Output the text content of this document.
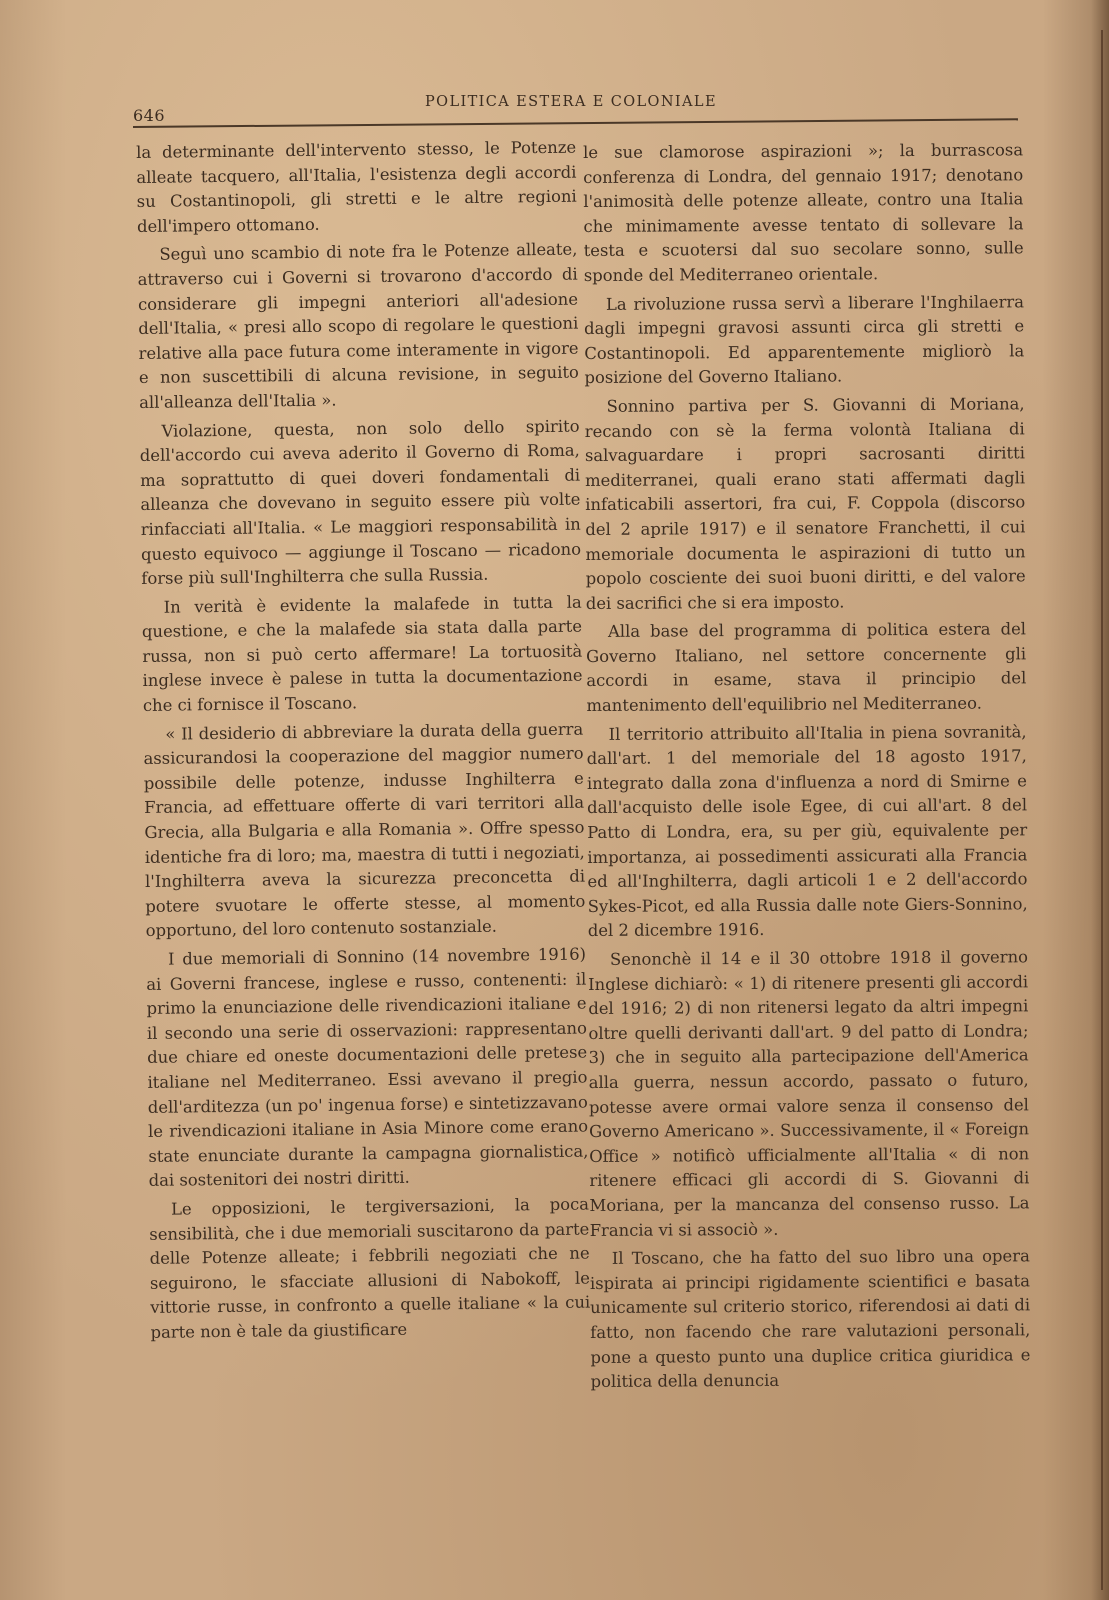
646
POLITICA ESTERA E COLONIALE

la determinante dell'intervento stesso, le Potenze alleate tacquero, all'Italia, l'esistenza degli accordi su Costantinopoli, gli stretti e le altre regioni dell'impero ottomano.

Seguì uno scambio di note fra le Potenze alleate, attraverso cui i Governi si trovarono d'accordo di considerare gli impegni anteriori all'adesione dell'Italia, « presi allo scopo di regolare le questioni relative alla pace futura come interamente in vigore e non suscettibili di alcuna revisione, in seguito all'alleanza dell'Italia ».

Violazione, questa, non solo dello spirito dell'accordo cui aveva aderito il Governo di Roma, ma soprattutto di quei doveri fondamentali di alleanza che dovevano in seguito essere più volte rinfacciati all'Italia. « Le maggiori responsabilità in questo equivoco — aggiunge il Toscano — ricadono forse più sull'Inghilterra che sulla Russia.

In verità è evidente la malafede in tutta la questione, e che la malafede sia stata dalla parte russa, non si può certo affermare! La tortuosità inglese invece è palese in tutta la documentazione che ci fornisce il Toscano.

« Il desiderio di abbreviare la durata della guerra assicurandosi la cooperazione del maggior numero possibile delle potenze, indusse Inghilterra e Francia, ad effettuare offerte di vari territori alla Grecia, alla Bulgaria e alla Romania ». Offre spesso identiche fra di loro; ma, maestra di tutti i negoziati, l'Inghilterra aveva la sicurezza preconcetta di potere svuotare le offerte stesse, al momento opportuno, del loro contenuto sostanziale.

I due memoriali di Sonnino (14 novembre 1916) ai Governi francese, inglese e russo, contenenti: il primo la enunciazione delle rivendicazioni italiane e il secondo una serie di osservazioni: rappresentano due chiare ed oneste documentazioni delle pretese italiane nel Mediterraneo. Essi avevano il pregio dell'arditezza (un po' ingenua forse) e sintetizzavano le rivendicazioni italiane in Asia Minore come erano state enunciate durante la campagna giornalistica, dai sostenitori dei nostri diritti.

Le opposizioni, le tergiversazioni, la poca sensibilità, che i due memoriali suscitarono da parte delle Potenze alleate; i febbrili negoziati che ne seguirono, le sfacciate allusioni di Nabokoff, le vittorie russe, in confronto a quelle italiane « la cui parte non è tale da giustificare

le sue clamorose aspirazioni »; la burrascosa conferenza di Londra, del gennaio 1917; denotano l'animosità delle potenze alleate, contro una Italia che minimamente avesse tentato di sollevare la testa e scuotersi dal suo secolare sonno, sulle sponde del Mediterraneo orientale.

La rivoluzione russa servì a liberare l'Inghilaerra dagli impegni gravosi assunti circa gli stretti e Costantinopoli. Ed apparentemente migliorò la posizione del Governo Italiano.

Sonnino partiva per S. Giovanni di Moriana, recando con sè la ferma volontà Italiana di salvaguardare i propri sacrosanti diritti mediterranei, quali erano stati affermati dagli infaticabili assertori, fra cui, F. Coppola (discorso del 2 aprile 1917) e il senatore Franchetti, il cui memoriale documenta le aspirazioni di tutto un popolo cosciente dei suoi buoni diritti, e del valore dei sacrifici che si era imposto.

Alla base del programma di politica estera del Governo Italiano, nel settore concernente gli accordi in esame, stava il principio del mantenimento dell'equilibrio nel Mediterraneo.

Il territorio attribuito all'Italia in piena sovranità, dall'art. 1 del memoriale del 18 agosto 1917, integrato dalla zona d'influenza a nord di Smirne e dall'acquisto delle isole Egee, di cui all'art. 8 del Patto di Londra, era, su per giù, equivalente per importanza, ai possedimenti assicurati alla Francia ed all'Inghilterra, dagli articoli 1 e 2 dell'accordo Sykes-Picot, ed alla Russia dalle note Giers-Sonnino, del 2 dicembre 1916.

Senonchè il 14 e il 30 ottobre 1918 il governo Inglese dichiarò: « 1) di ritenere presenti gli accordi del 1916; 2) di non ritenersi legato da altri impegni oltre quelli derivanti dall'art. 9 del patto di Londra; 3) che in seguito alla partecipazione dell'America alla guerra, nessun accordo, passato o futuro, potesse avere ormai valore senza il consenso del Governo Americano ». Successivamente, il « Foreign Office » notificò ufficialmente all'Italia « di non ritenere efficaci gli accordi di S. Giovanni di Moriana, per la mancanza del consenso russo. La Francia vi si associò ».

Il Toscano, che ha fatto del suo libro una opera ispirata ai principi rigidamente scientifici e basata unicamente sul criterio storico, riferendosi ai dati di fatto, non facendo che rare valutazioni personali, pone a questo punto una duplice critica giuridica e politica della denuncia
